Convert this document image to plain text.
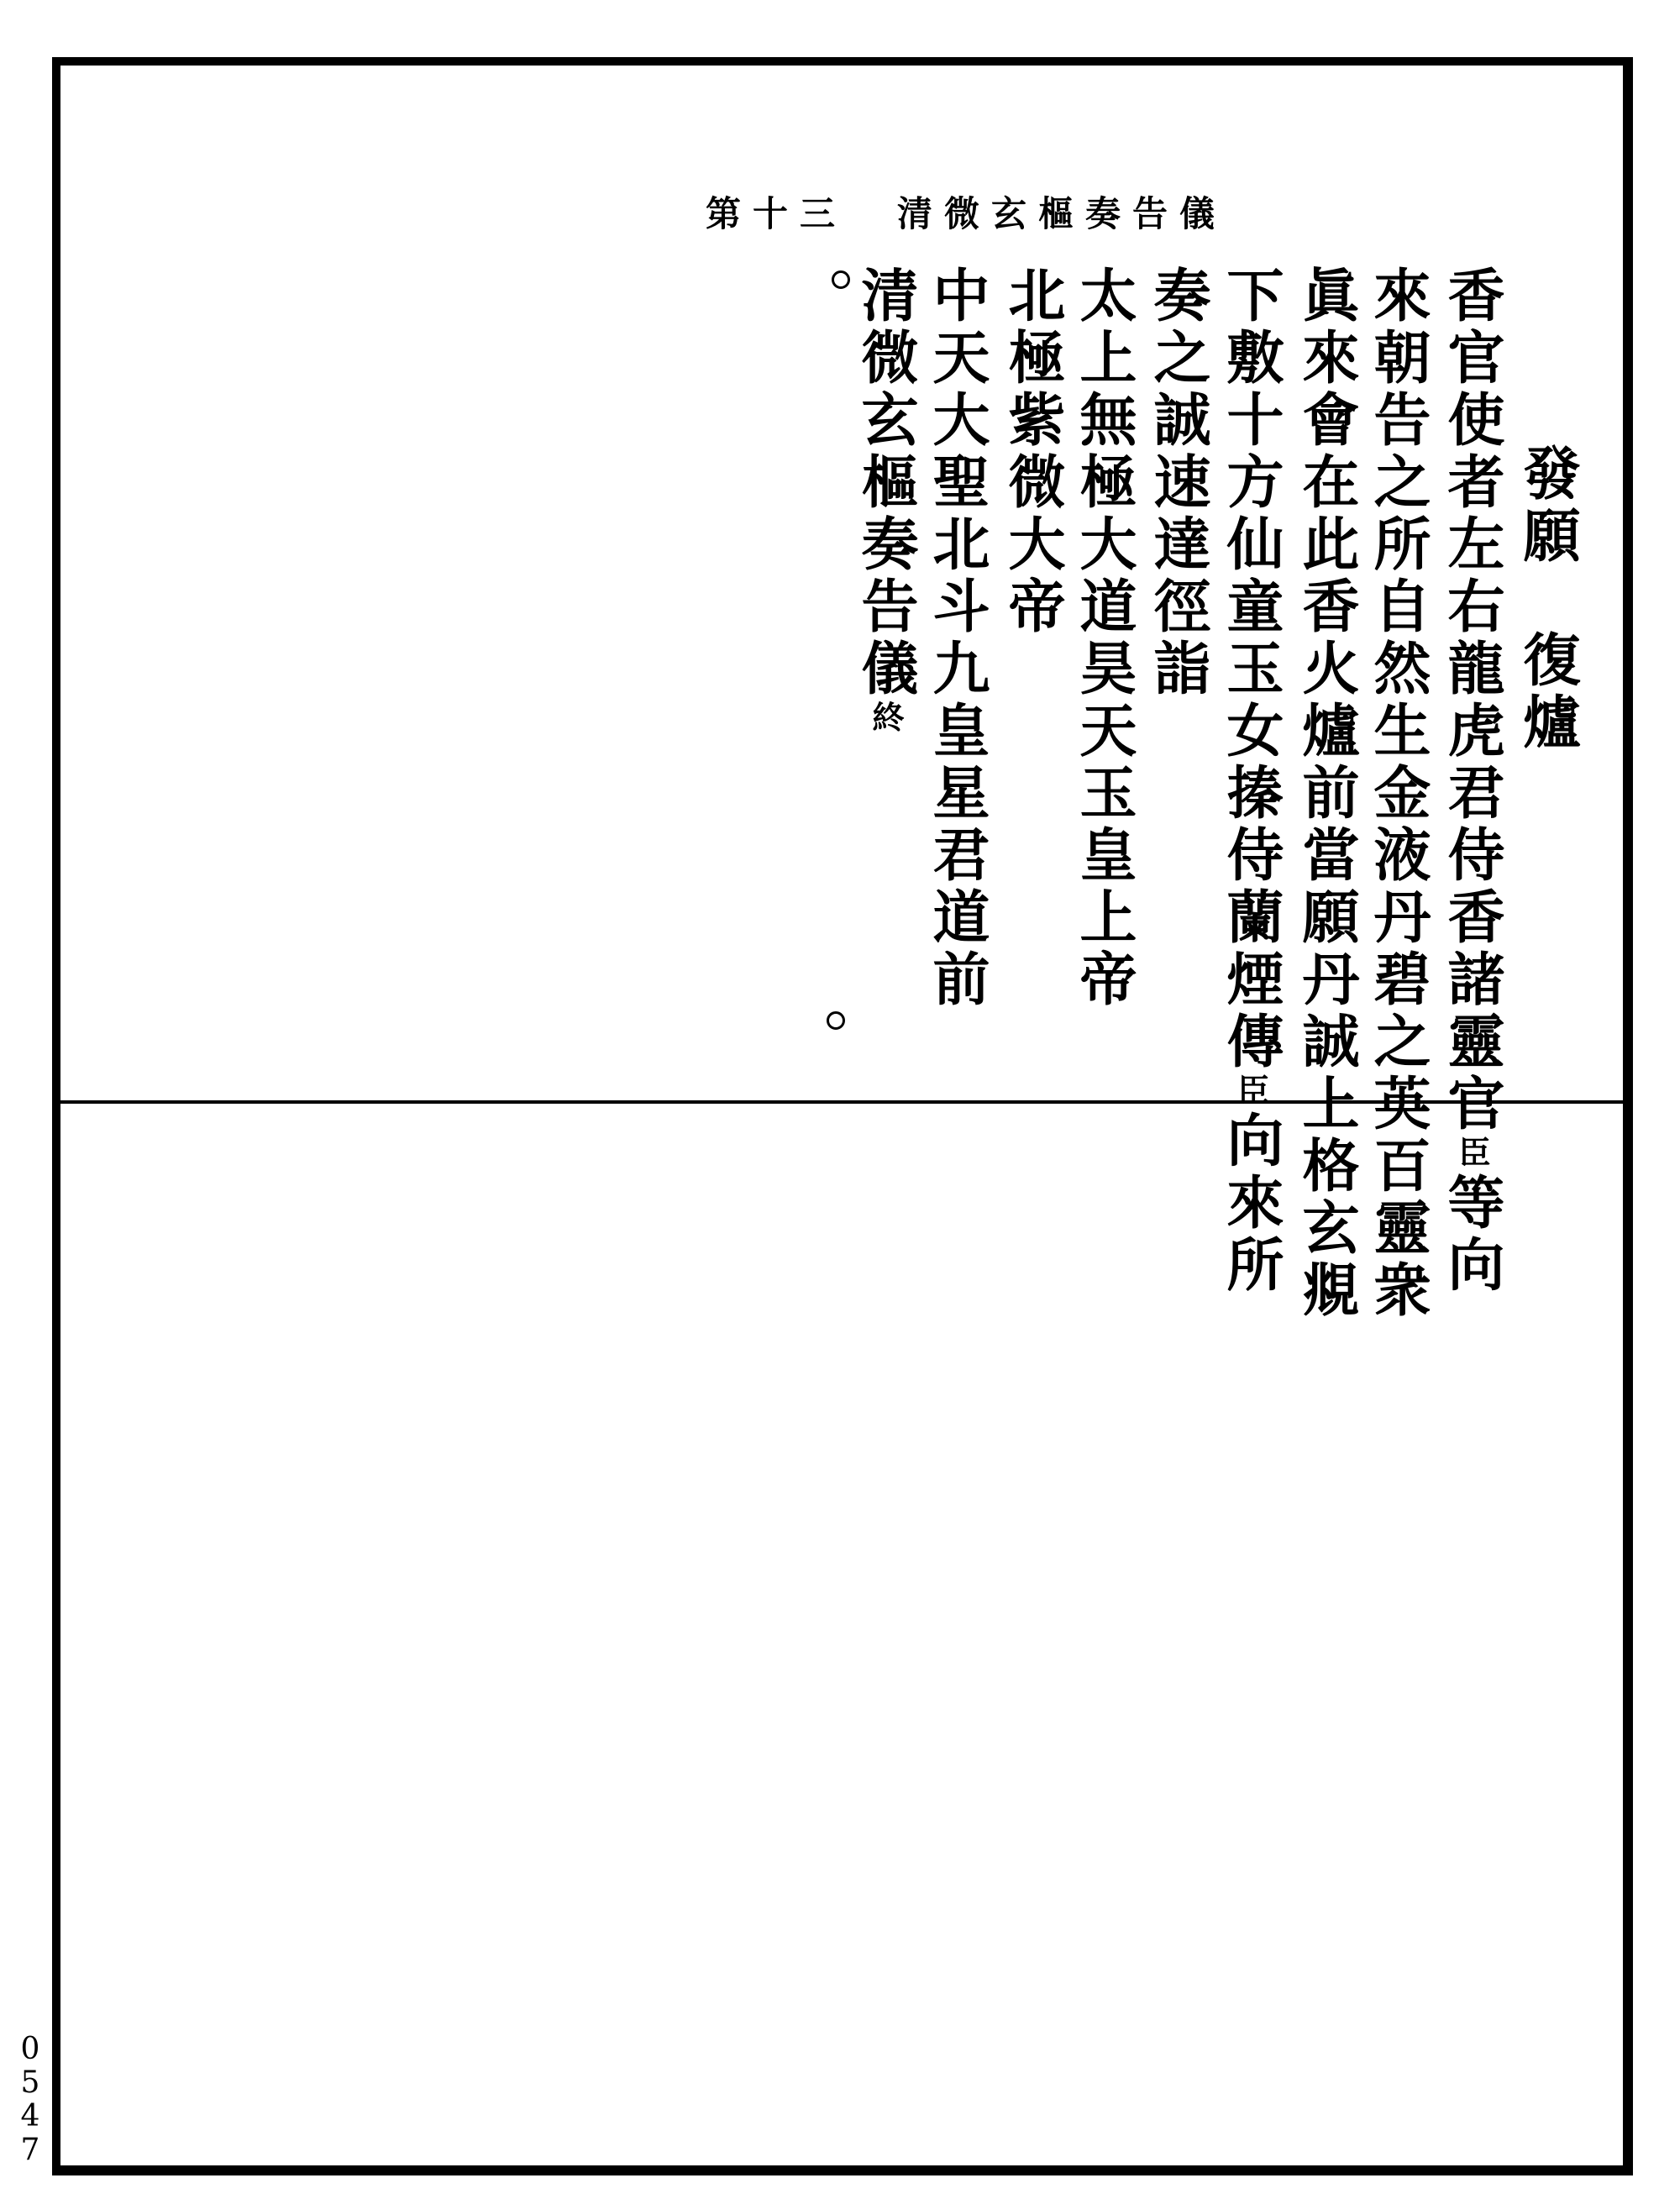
第十三 清微玄樞奏告儀
發願　復爐
香官使者左右龍虎君侍香諸靈官臣等向
來朝告之所自然生金液丹碧之英百靈衆
眞來會在此香火爐前當願丹誠上格玄覜
下敷十方仙童玉女搸侍蘭煙傳臣向來所
奏之誠速達徑詣
太上無極大道昊天玉皇上帝
北極紫微大帝
中天大聖北斗九皇星君道前
清微玄樞奏告儀終
0547
